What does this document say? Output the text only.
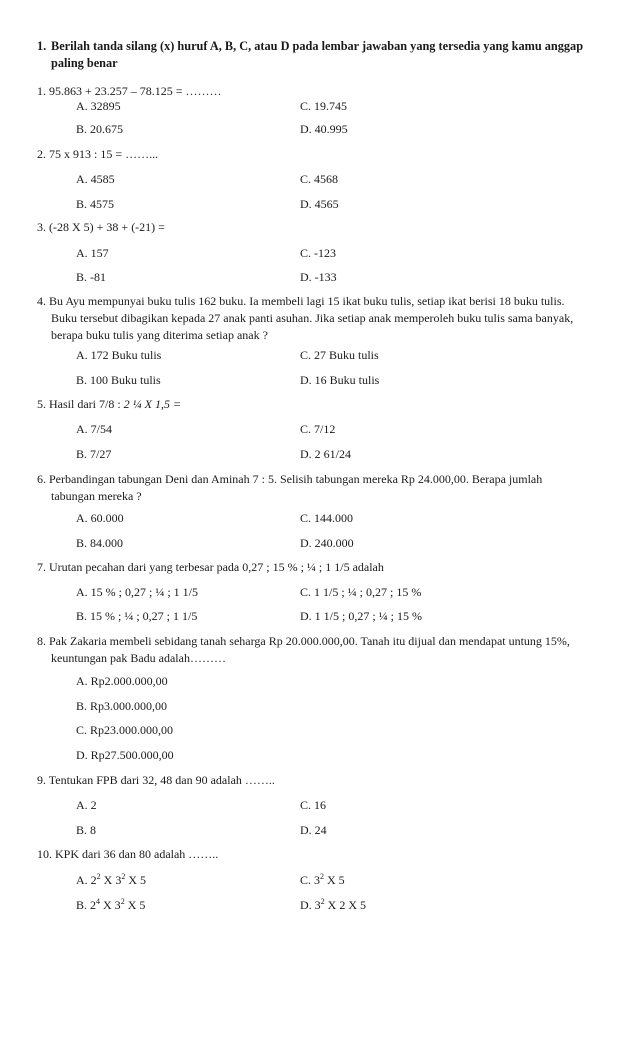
1. Berilah tanda silang (x) huruf A, B, C, atau D pada lembar jawaban yang tersedia yang kamu anggap
paling benar
1. 95.863 + 23.257 – 78.125 = ………
A. 32895	C. 19.745
B. 20.675	D. 40.995
2. 75 x 913 : 15 = ……...
A. 4585	C. 4568
B. 4575	D. 4565
3. (-28 X 5) + 38 + (-21) =
A. 157	C. -123
B. -81	D. -133
4. Bu Ayu mempunyai buku tulis 162 buku. Ia membeli lagi 15 ikat buku tulis, setiap ikat berisi 18 buku tulis.
Buku tersebut dibagikan kepada 27 anak panti asuhan. Jika setiap anak memperoleh buku tulis sama banyak,
berapa buku tulis yang diterima setiap anak ?
A. 172 Buku tulis	C. 27 Buku tulis
B. 100 Buku tulis	D. 16 Buku tulis
5. Hasil dari 7/8 : 2 ¼ X 1,5 =
A. 7/54	C. 7/12
B. 7/27	D. 2 61/24
6. Perbandingan tabungan Deni dan Aminah 7 : 5. Selisih tabungan mereka Rp 24.000,00. Berapa jumlah
tabungan mereka ?
A. 60.000	C. 144.000
B. 84.000	D. 240.000
7. Urutan pecahan dari yang terbesar pada 0,27 ; 15 % ; ¼ ; 1 1/5 adalah
A. 15 % ; 0,27 ; ¼ ; 1 1/5	C. 1 1/5 ; ¼ ; 0,27 ; 15 %
B. 15 % ; ¼ ; 0,27 ; 1 1/5	D. 1 1/5 ; 0,27 ; ¼ ; 15 %
8. Pak Zakaria membeli sebidang tanah seharga Rp 20.000.000,00. Tanah itu dijual dan mendapat untung 15%,
keuntungan pak Badu adalah………
A. Rp2.000.000,00
B. Rp3.000.000,00
C. Rp23.000.000,00
D. Rp27.500.000,00
9. Tentukan FPB dari 32, 48 dan 90 adalah ……..
A. 2	C. 16
B. 8	D. 24
10. KPK dari 36 dan 80 adalah ……..
A. $2^2$ X $3^2$ X 5	C. $3^2$ X 5
B. $2^4$ X $3^2$ X 5	D. $3^2$ X 2 X 5
